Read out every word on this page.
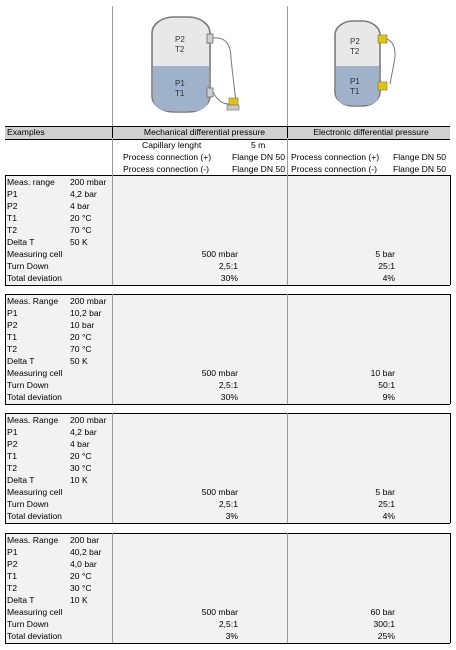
P2
T2
P1
T1
P2
T2
P1
T1
Examples	Mechanical differential pressure	Electronic differential pressure
Capillary lenght	5 m
Process connection (+)	Flange DN 50 Process connection (+)	Flange DN 50
Process connection (-)	Flange DN 50 Process connection (-)	Flange DN 50
Meas. range	200 mbar
P1	4,2 bar
P2	4 bar
T1	20 °C
T2	70 °C
Delta T	50 K
Measuring cell	500 mbar	5 bar
Turn Down	2,5:1	25:1
Total deviation	30%	4%
Meas. Range	200 mbar
P1	10,2 bar
P2	10 bar
T1	20 °C
T2	70 °C
Delta T	50 K
Measuring cell	500 mbar	10 bar
Turn Down	2,5:1	50:1
Total deviation	30%	9%
Meas. Range	200 mbar
P1	4,2 bar
P2	4 bar
T1	20 °C
T2	30 °C
Delta T	10 K
Measuring cell	500 mbar	5 bar
Turn Down	2,5:1	25:1
Total deviation	3%	4%
Meas. Range	200 bar
P1	40,2 bar
P2	4,0 bar
T1	20 °C
T2	30 °C
Delta T	10 K
Measuring cell	500 mbar	60 bar
Turn Down	2,5:1	300:1
Total deviation	3%	25%
